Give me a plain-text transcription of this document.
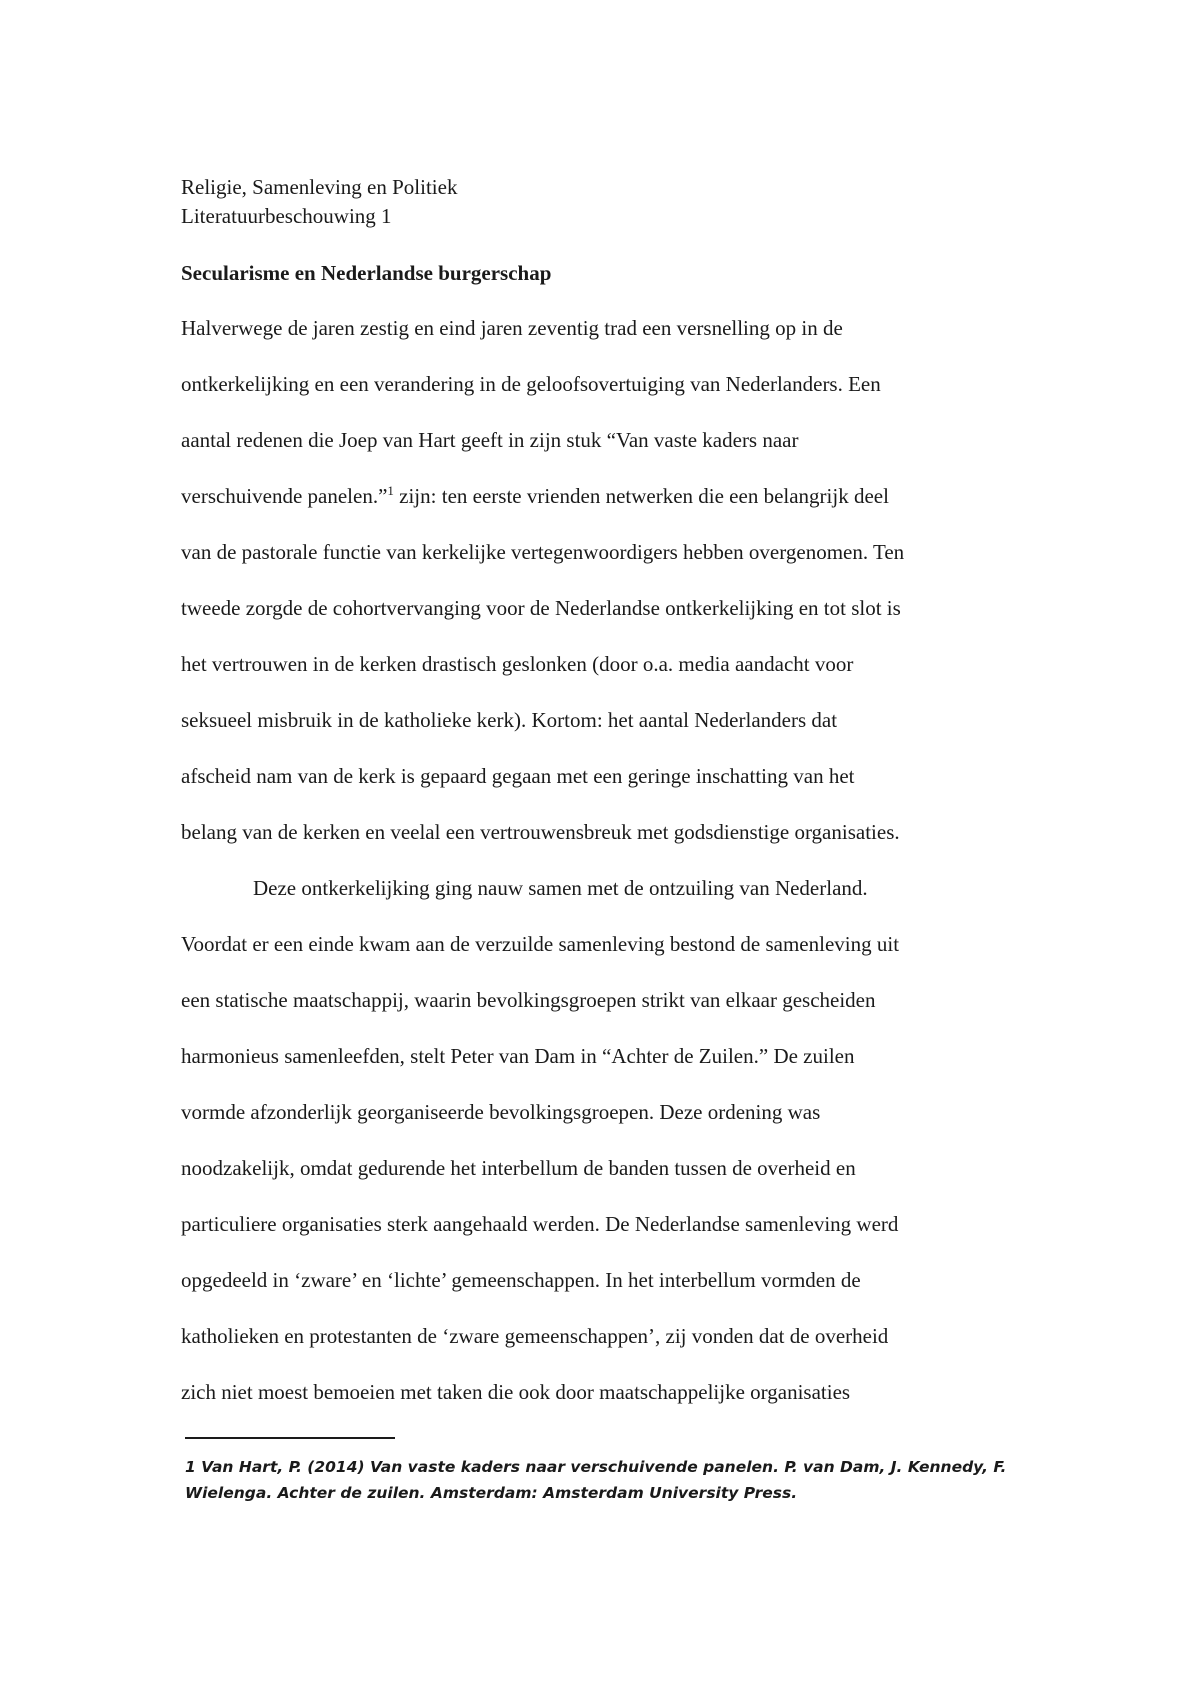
Religie, Samenleving en Politiek
Literatuurbeschouwing 1
Secularisme en Nederlandse burgerschap
Halverwege de jaren zestig en eind jaren zeventig trad een versnelling op in de
ontkerkelijking en een verandering in de geloofsovertuiging van Nederlanders. Een
aantal redenen die Joep van Hart geeft in zijn stuk “Van vaste kaders naar
verschuivende panelen.”$^1$ zijn: ten eerste vrienden netwerken die een belangrijk deel
van de pastorale functie van kerkelijke vertegenwoordigers hebben overgenomen. Ten
tweede zorgde de cohortvervanging voor de Nederlandse ontkerkelijking en tot slot is
het vertrouwen in de kerken drastisch geslonken (door o.a. media aandacht voor
seksueel misbruik in de katholieke kerk). Kortom: het aantal Nederlanders dat
afscheid nam van de kerk is gepaard gegaan met een geringe inschatting van het
belang van de kerken en veelal een vertrouwensbreuk met godsdienstige organisaties.
Deze ontkerkelijking ging nauw samen met de ontzuiling van Nederland.
Voordat er een einde kwam aan de verzuilde samenleving bestond de samenleving uit
een statische maatschappij, waarin bevolkingsgroepen strikt van elkaar gescheiden
harmonieus samenleefden, stelt Peter van Dam in “Achter de Zuilen.” De zuilen
vormde afzonderlijk georganiseerde bevolkingsgroepen. Deze ordening was
noodzakelijk, omdat gedurende het interbellum de banden tussen de overheid en
particuliere organisaties sterk aangehaald werden. De Nederlandse samenleving werd
opgedeeld in ‘zware’ en ‘lichte’ gemeenschappen. In het interbellum vormden de
katholieken en protestanten de ‘zware gemeenschappen’, zij vonden dat de overheid
zich niet moest bemoeien met taken die ook door maatschappelijke organisaties
1 Van Hart, P. (2014) Van vaste kaders naar verschuivende panelen. P. van Dam, J. Kennedy, F.
Wielenga. Achter de zuilen. Amsterdam: Amsterdam University Press.
